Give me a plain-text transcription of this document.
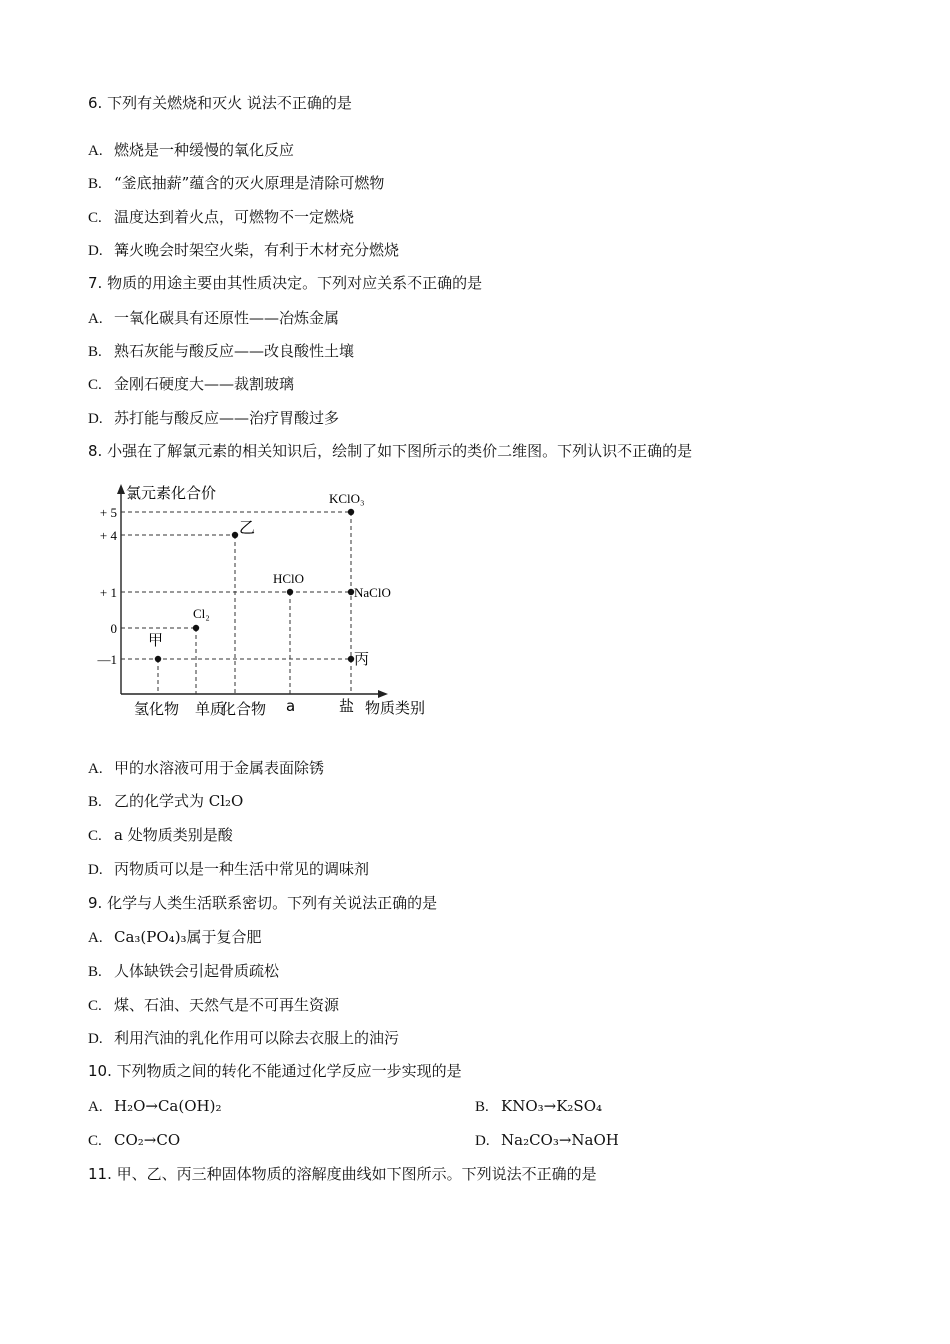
6. 下列有关燃烧和灭火 说法不正确的是
A. 燃烧是一种缓慢的氧化反应
B. “釜底抽薪”蕴含的灭火原理是清除可燃物
C. 温度达到着火点，可燃物不一定燃烧
D. 篝火晚会时架空火柴，有利于木材充分燃烧
7. 物质的用途主要由其性质决定。下列对应关系不正确的是
A. 一氧化碳具有还原性——冶炼金属
B. 熟石灰能与酸反应——改良酸性土壤
C. 金刚石硬度大——裁割玻璃
D. 苏打能与酸反应——治疗胃酸过多
8. 小强在了解氯元素的相关知识后，绘制了如下图所示的类价二维图。下列认识不正确的是
氯元素化合价
物质类别
+ 5
+ 4
+ 1
0
—1
氢化物 单质
化合物 a	盐
甲
Cl₂
乙
HClO
KClO₃
NaClO
丙
A. 甲的水溶液可用于金属表面除锈
B. 乙的化学式为 Cl₂O
C. a 处物质类别是酸
D. 丙物质可以是一种生活中常见的调味剂
9. 化学与人类生活联系密切。下列有关说法正确的是
A. Ca₃(PO₄)₃属于复合肥
B. 人体缺铁会引起骨质疏松
C. 煤、石油、天然气是不可再生资源
D. 利用汽油的乳化作用可以除去衣服上的油污
10. 下列物质之间的转化不能通过化学反应一步实现的是
A. H₂O→Ca(OH)₂	B. KNO₃→K₂SO₄
C. CO₂→CO	D. Na₂CO₃→NaOH
11. 甲、乙、丙三种固体物质的溶解度曲线如下图所示。下列说法不正确的是
